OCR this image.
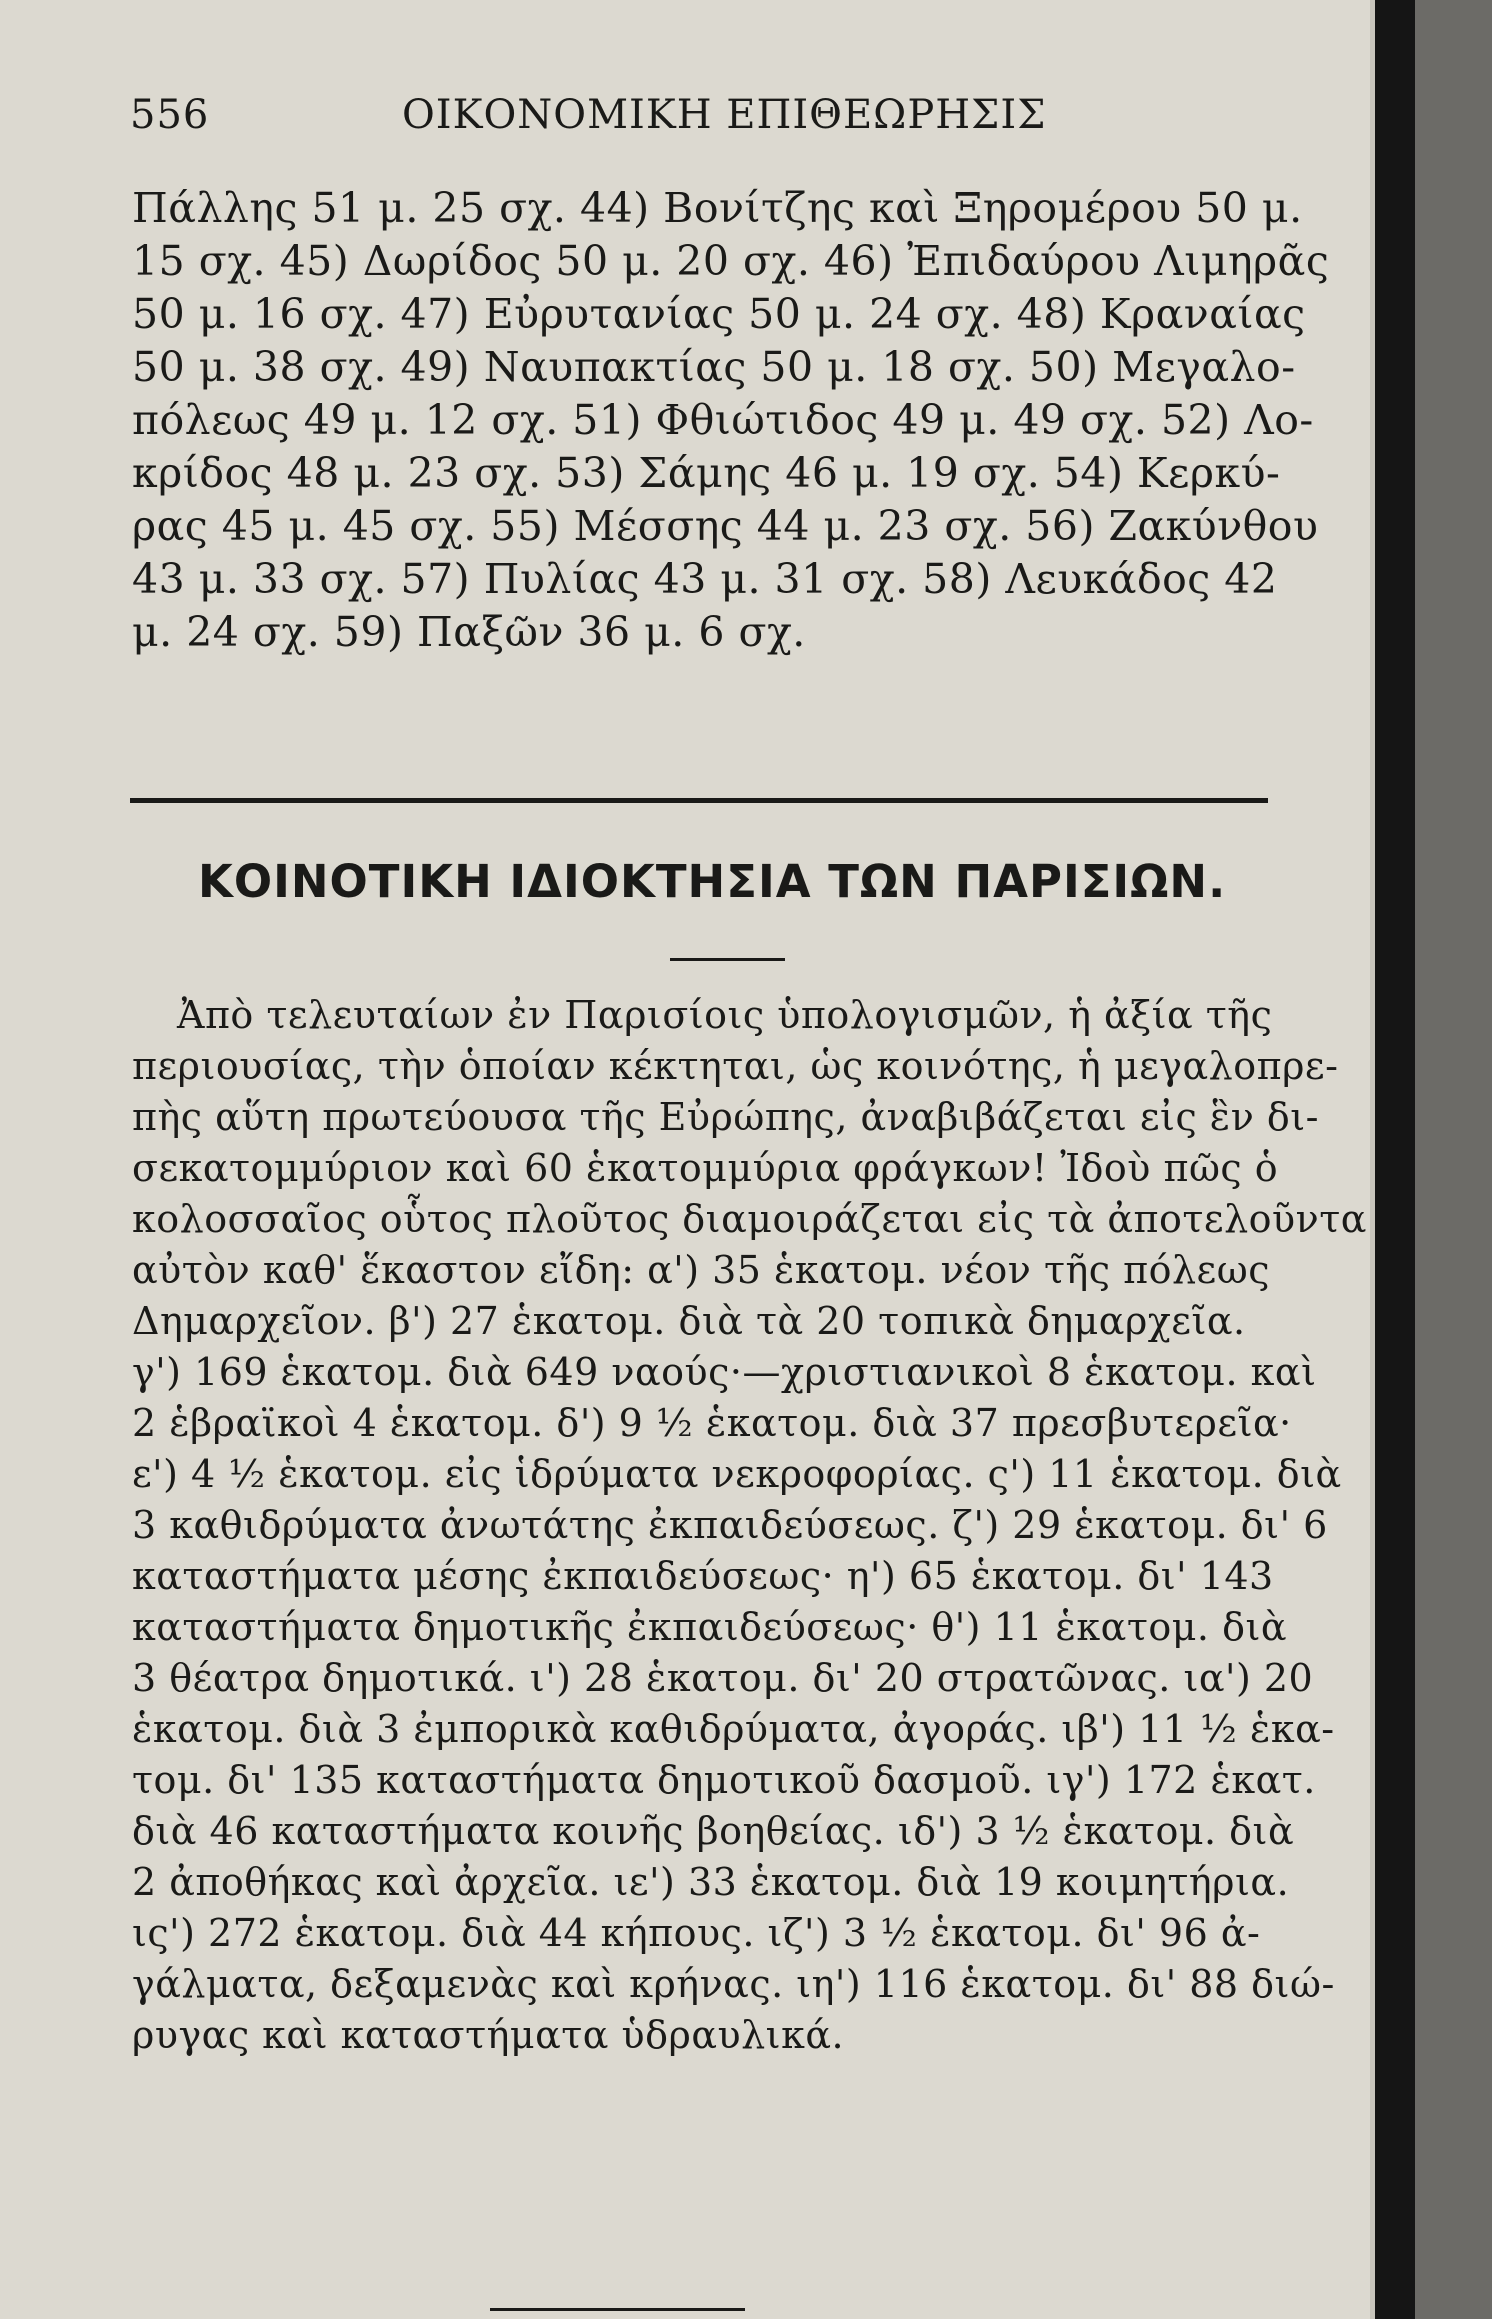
556	ΟΙΚΟΝΟΜΙΚΗ ΕΠΙΘΕΩΡΗΣΙΣ
Πάλλης 51 μ. 25 σχ. 44) Βονίτζης καὶ Ξηρομέρου 50 μ.
15 σχ. 45) Δωρίδος 50 μ. 20 σχ. 46) Ἐπιδαύρου Λιμηρᾶς
50 μ. 16 σχ. 47) Εὐρυτανίας 50 μ. 24 σχ. 48) Κραναίας
50 μ. 38 σχ. 49) Ναυπακτίας 50 μ. 18 σχ. 50) Μεγαλο-
πόλεως 49 μ. 12 σχ. 51) Φθιώτιδος 49 μ. 49 σχ. 52) Λο-
κρίδος 48 μ. 23 σχ. 53) Σάμης 46 μ. 19 σχ. 54) Κερκύ-
ρας 45 μ. 45 σχ. 55) Μέσσης 44 μ. 23 σχ. 56) Ζακύνθου
43 μ. 33 σχ. 57) Πυλίας 43 μ. 31 σχ. 58) Λευκάδος 42
μ. 24 σχ. 59) Παξῶν 36 μ. 6 σχ.
ΚΟΙΝΟΤΙΚΗ ΙΔΙΟΚΤΗΣΙΑ ΤΩΝ ΠΑΡΙΣΙΩΝ.
Ἀπὸ τελευταίων ἐν Παρισίοις ὑπολογισμῶν, ἡ ἀξία τῆς
περιουσίας, τὴν ὁποίαν κέκτηται, ὡς κοινότης, ἡ μεγαλοπρε-
πὴς αὕτη πρωτεύουσα τῆς Εὐρώπης, ἀναβιβάζεται εἰς ἓν δι-
σεκατομμύριον καὶ 60 ἑκατομμύρια φράγκων! Ἰδοὺ πῶς ὁ
κολοσσαῖος οὗτος πλοῦτος διαμοιράζεται εἰς τὰ ἀποτελοῦντα
αὐτὸν καθ' ἕκαστον εἴδη: α') 35 ἑκατομ. νέον τῆς πόλεως
Δημαρχεῖον. β') 27 ἑκατομ. διὰ τὰ 20 τοπικὰ δημαρχεῖα.
γ') 169 ἑκατομ. διὰ 649 ναούς·—χριστιανικοὶ 8 ἑκατομ. καὶ
2 ἑβραϊκοὶ 4 ἑκατομ. δ') 9 ½ ἑκατομ. διὰ 37 πρεσβυτερεῖα·
ε') 4 ½ ἑκατομ. εἰς ἱδρύματα νεκροφορίας. ς') 11 ἑκατομ. διὰ
3 καθιδρύματα ἀνωτάτης ἐκπαιδεύσεως. ζ') 29 ἑκατομ. δι' 6
καταστήματα μέσης ἐκπαιδεύσεως· η') 65 ἑκατομ. δι' 143
καταστήματα δημοτικῆς ἐκπαιδεύσεως· θ') 11 ἑκατομ. διὰ
3 θέατρα δημοτικά. ι') 28 ἑκατομ. δι' 20 στρατῶνας. ια') 20
ἑκατομ. διὰ 3 ἐμπορικὰ καθιδρύματα, ἀγοράς. ιβ') 11 ½ ἑκα-
τομ. δι' 135 καταστήματα δημοτικοῦ δασμοῦ. ιγ') 172 ἑκατ.
διὰ 46 καταστήματα κοινῆς βοηθείας. ιδ') 3 ½ ἑκατομ. διὰ
2 ἀποθήκας καὶ ἀρχεῖα. ιε') 33 ἑκατομ. διὰ 19 κοιμητήρια.
ις') 272 ἑκατομ. διὰ 44 κήπους. ιζ') 3 ½ ἑκατομ. δι' 96 ἀ-
γάλματα, δεξαμενὰς καὶ κρήνας. ιη') 116 ἑκατομ. δι' 88 διώ-
ρυγας καὶ καταστήματα ὑδραυλικά.
